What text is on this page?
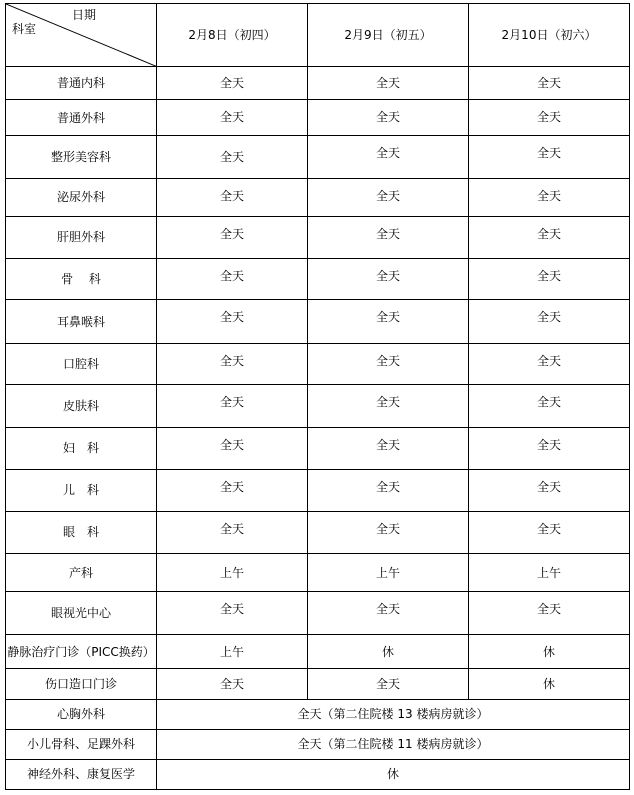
日期
科室	2月8日（初四）	2月9日（初五）	2月10日（初六）
普通内科	全天	全天	全天
普通外科	全天	全天	全天
整形美容科	全天	全天	全天
泌尿外科	全天	全天	全天
肝胆外科	全天	全天	全天
骨　 科	全天	全天	全天
耳鼻喉科	全天	全天	全天
口腔科	全天	全天	全天
皮肤科	全天	全天	全天
妇　科	全天	全天	全天
儿　科	全天	全天	全天
眼　科	全天	全天	全天
产科	上午	上午	上午
眼视光中心	全天	全天	全天
静脉治疗门诊（PICC换药）	上午	休	休
伤口造口门诊	全天	全天	休
心胸外科	全天（第二住院楼 13 楼病房就诊）		
小儿骨科、足踝外科	全天（第二住院楼 11 楼病房就诊）		
神经外科、康复医学	休		
